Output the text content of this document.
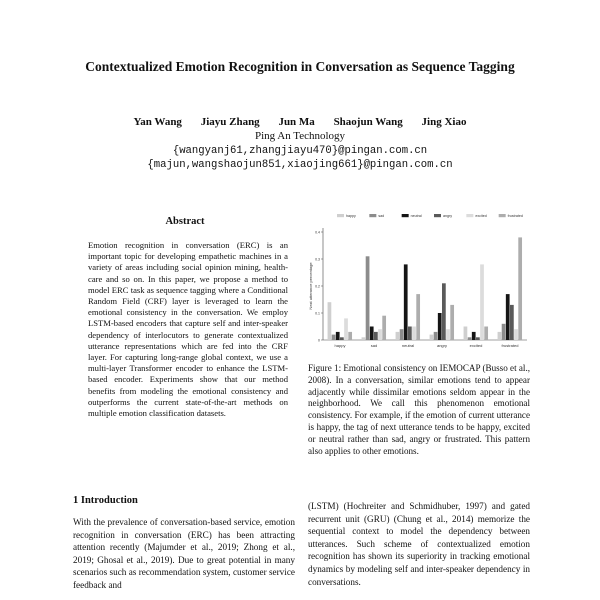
Contextualized Emotion Recognition in Conversation as Sequence Tagging
Yan Wang Jiayu Zhang Jun Ma Shaojun Wang Jing Xiao
Ping An Technology
{wangyanj61,zhangjiayu470}@pingan.com.cn
{majun,wangshaojun851,xiaojing661}@pingan.com.cn
Abstract
Emotion recognition in conversation (ERC) is an important topic for developing empathetic machines in a variety of areas including social opinion mining, health-care and so on. In this paper, we propose a method to model ERC task as sequence tagging where a Conditional Random Field (CRF) layer is leveraged to learn the emotional consistency in the conversation. We employ LSTM-based encoders that capture self and inter-speaker dependency of interlocutors to generate contextualized utterance representations which are fed into the CRF layer. For capturing long-range global context, we use a multi-layer Transformer encoder to enhance the LSTM-based encoder. Experiments show that our method benefits from modeling the emotional consistency and outperforms the current state-of-the-art methods on multiple emotion classification datasets.
1 Introduction
With the prevalence of conversation-based service, emotion recognition in conversation (ERC) has been attracting attention recently (Majumder et al., 2019; Zhong et al., 2019; Ghosal et al., 2019). Due to great potential in many scenarios such as recommendation system, customer service feedback and
0
0.1
0.2
0.3
0.4
Next utterance percentage
happy	sad	neutral	angry	excited	frustrated
happy	sad	neutral	angry	excited	frustrated
Figure 1: Emotional consistency on IEMOCAP (Busso et al., 2008). In a conversation, similar emotions tend to appear adjacently while dissimilar emotions seldom appear in the neighborhood. We call this phenomenon emotional consistency. For example, if the emotion of current utterance is happy, the tag of next utterance tends to be happy, excited or neutral rather than sad, angry or frustrated. This pattern also applies to other emotions.
(LSTM) (Hochreiter and Schmidhuber, 1997) and gated recurrent unit (GRU) (Chung et al., 2014) memorize the sequential context to model the dependency between utterances. Such scheme of contextualized emotion recognition has shown its superiority in tracking emotional dynamics by modeling self and inter-speaker dependency in conversations.
